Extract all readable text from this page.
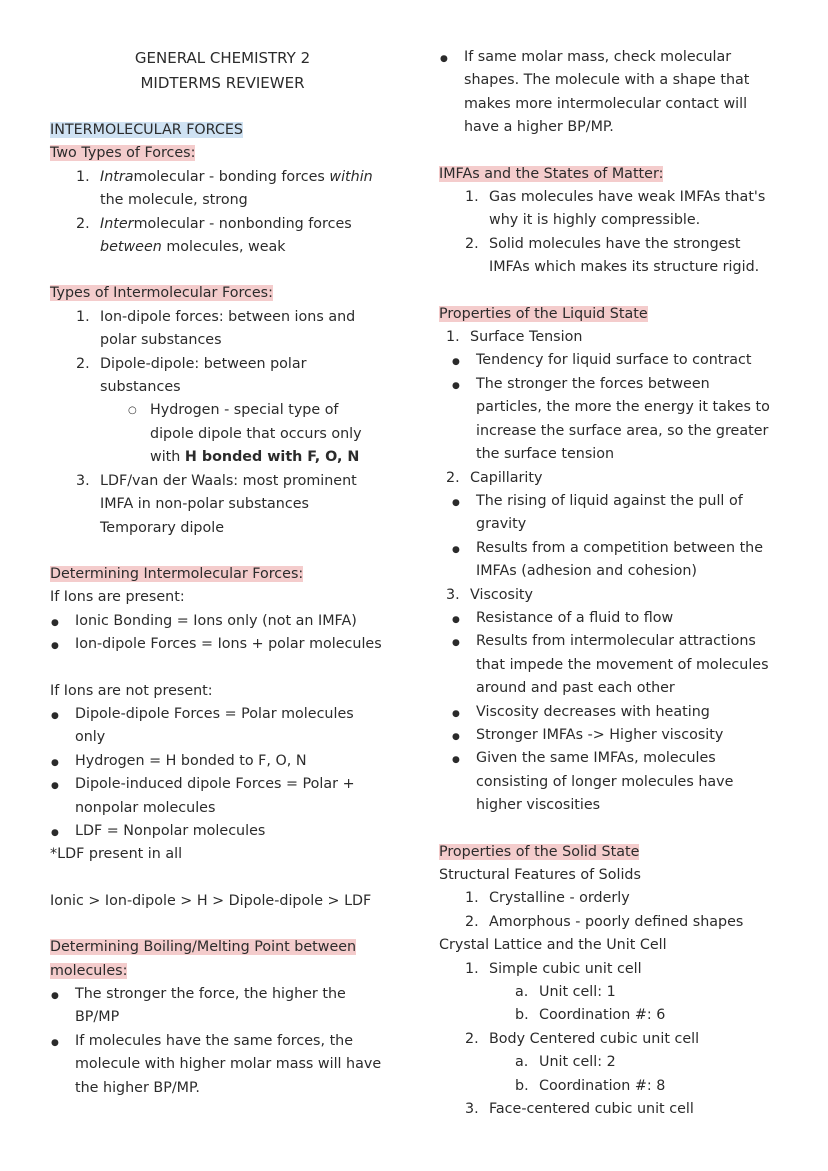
GENERAL CHEMISTRY 2
MIDTERMS REVIEWER
INTERMOLECULAR FORCES
Two Types of Forces:
1. Intramolecular - bonding forces within
the molecule, strong
2. Intermolecular - nonbonding forces
between molecules, weak
Types of Intermolecular Forces:
1. Ion-dipole forces: between ions and
polar substances
2. Dipole-dipole: between polar
substances
○ Hydrogen - special type of
dipole dipole that occurs only
with H bonded with F, O, N
3. LDF/van der Waals: most prominent
IMFA in non-polar substances
Temporary dipole
Determining Intermolecular Forces:
If Ions are present:
●
Ionic Bonding = Ions only (not an IMFA)
●
Ion-dipole Forces = Ions + polar molecules
If Ions are not present:
●
Dipole-dipole Forces = Polar molecules
only
●
Hydrogen = H bonded to F, O, N
●
Dipole-induced dipole Forces = Polar +
nonpolar molecules
●
LDF = Nonpolar molecules
*LDF present in all
Ionic > Ion-dipole > H > Dipole-dipole > LDF
Determining Boiling/Melting Point between
molecules:
●
The stronger the force, the higher the
BP/MP
●
If molecules have the same forces, the
molecule with higher molar mass will have
the higher BP/MP.
●
If same molar mass, check molecular
shapes. The molecule with a shape that
makes more intermolecular contact will
have a higher BP/MP.
IMFAs and the States of Matter:
1. Gas molecules have weak IMFAs that's
why it is highly compressible.
2. Solid molecules have the strongest
IMFAs which makes its structure rigid.
Properties of the Liquid State
1. Surface Tension
●
Tendency for liquid surface to contract
●
The stronger the forces between
particles, the more the energy it takes to
increase the surface area, so the greater
the surface tension
2. Capillarity
●
The rising of liquid against the pull of
gravity
●
Results from a competition between the
IMFAs (adhesion and cohesion)
3. Viscosity
●
Resistance of a fluid to flow
●
Results from intermolecular attractions
that impede the movement of molecules
around and past each other
●
Viscosity decreases with heating
●
Stronger IMFAs -> Higher viscosity
●
Given the same IMFAs, molecules
consisting of longer molecules have
higher viscosities
Properties of the Solid State
Structural Features of Solids
1. Crystalline - orderly
2. Amorphous - poorly defined shapes
Crystal Lattice and the Unit Cell
1. Simple cubic unit cell
a. Unit cell: 1
b. Coordination #: 6
2. Body Centered cubic unit cell
a. Unit cell: 2
b. Coordination #: 8
3. Face-centered cubic unit cell
